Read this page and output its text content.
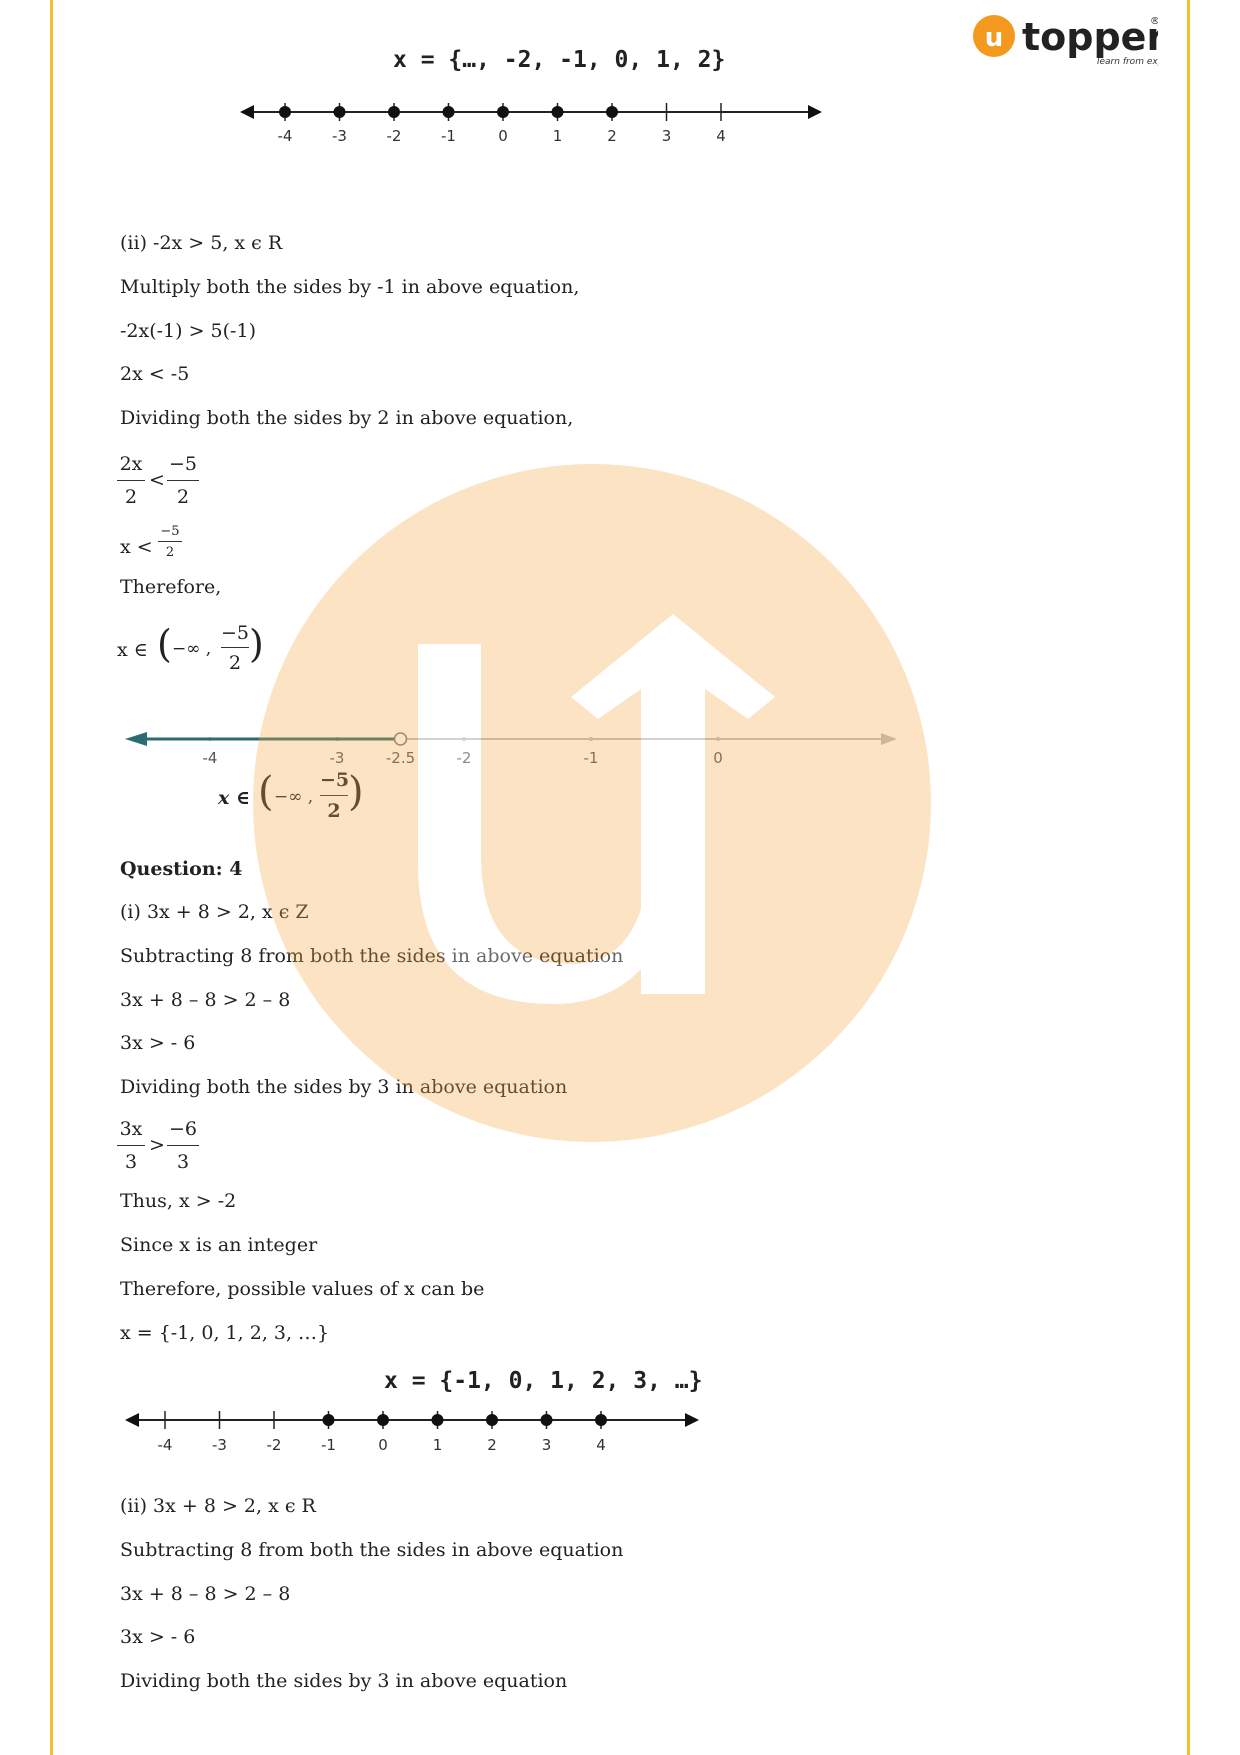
u topper
®
learn from ex
x = {…, -2, -1, 0, 1, 2}
-4	-3	-2	-1	0	1	2	3	4
(ii) -2x > 5, x ϵ R
Multiply both the sides by -1 in above equation,
-2x(-1) > 5(-1)
2x < -5
Dividing both the sides by 2 in above equation,
2x
2
<
−5
2
x <
−5
2
Therefore,
x ∈ ( −∞ ,
−5
2 )
-4	-3	-2.5	-2	-1	0
x ∈ ( −∞ ,
−5
2 )
Question: 4
(i) 3x + 8 > 2, x ϵ Z
Subtracting 8 from both the sides in above equation
3x + 8 – 8 > 2 – 8
3x > - 6
Dividing both the sides by 3 in above equation
3x
3
>
−6
3
Thus, x > -2
Since x is an integer
Therefore, possible values of x can be
x = {-1, 0, 1, 2, 3, …}
x = {-1, 0, 1, 2, 3, …}
-4	-3	-2	-1	0	1	2	3	4
(ii) 3x + 8 > 2, x ϵ R
Subtracting 8 from both the sides in above equation
3x + 8 – 8 > 2 – 8
3x > - 6
Dividing both the sides by 3 in above equation
